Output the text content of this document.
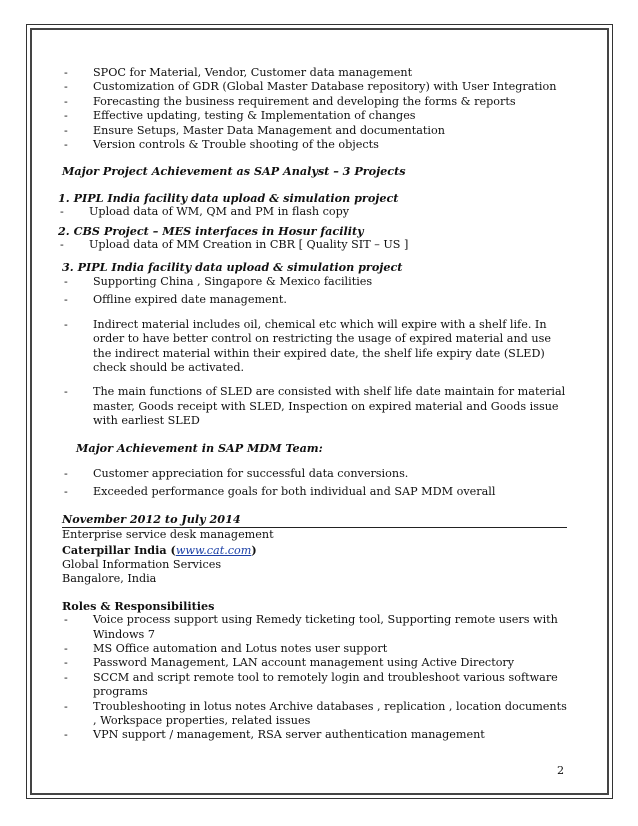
- SPOC for Material, Vendor, Customer data management
- Customization of GDR (Global Master Database repository) with User Integration
- Forecasting the business requirement and developing the forms & reports
- Effective updating, testing & Implementation of changes
- Ensure Setups, Master Data Management and documentation
- Version controls & Trouble shooting of the objects
Major Project Achievement as SAP Analyst – 3 Projects
1. PIPL India facility data upload & simulation project
- Upload data of WM, QM and PM in flash copy
2. CBS Project – MES interfaces in Hosur facility
- Upload data of MM Creation in CBR [ Quality SIT – US ]
3. PIPL India facility data upload & simulation project
- Supporting China , Singapore & Mexico facilities
- Offline expired date management.
- Indirect material includes oil, chemical etc which will expire with a shelf life. In order to have better control on restricting the usage of expired material and use the indirect material within their expired date, the shelf life expiry date (SLED) check should be activated.
- The main functions of SLED are consisted with shelf life date maintain for material master, Goods receipt with SLED, Inspection on expired material and Goods issue with earliest SLED
Major Achievement in SAP MDM Team:
- Customer appreciation for successful data conversions.
- Exceeded performance goals for both individual and SAP MDM overall
November 2012 to July 2014
Enterprise service desk management
Caterpillar India (www.cat.com)
Global Information Services
Bangalore, India
Roles & Responsibilities
- Voice process support using Remedy ticketing tool, Supporting remote users with Windows 7
- MS Office automation and Lotus notes user support
- Password Management, LAN account management using Active Directory
- SCCM and script remote tool to remotely login and troubleshoot various software programs
- Troubleshooting in lotus notes Archive databases , replication , location documents , Workspace properties, related issues
- VPN support / management, RSA server authentication management
2
